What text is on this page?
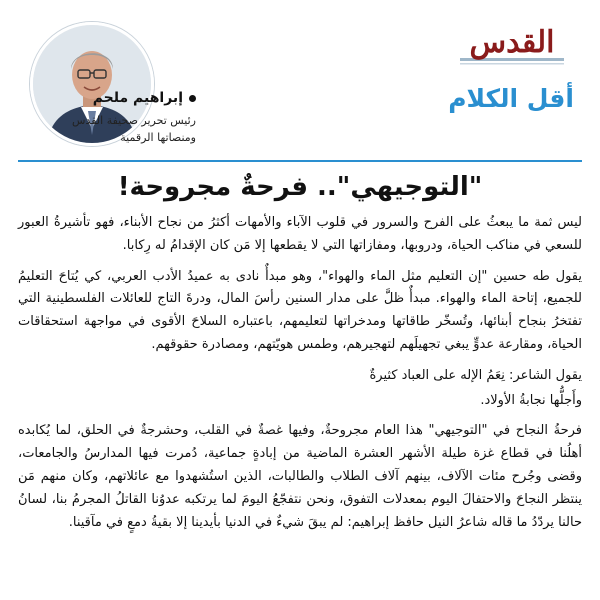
القدس
أقل الكلام
إبراهيم ملحم
رئيس تحرير صحيفة القدس
ومنصاتها الرقمية
"التوجيهي".. فرحةٌ مجروحة!

ليس ثمة ما يبعثُ على الفرح والسرور في قلوب الآباء والأمهات أكثرُ من نجاح الأبناء، فهو تأشيرةُ العبور للسعي في مناكب الحياة، ودروبها، ومفازاتها التي لا يقطعها إلا مَن كان الإقدامُ له رِكابا.

يقول طه حسين "إن التعليم مثل الماء والهواء"، وهو مبدأٌ نادى به عميدُ الأدب العربي، كي يُتاحَ التعليمُ للجميع، إتاحة الماء والهواء. مبدأٌ ظلَّ على مدار السنين رأسَ المال، ودرةَ التاج للعائلات الفلسطينية التي تفتخرُ بنجاح أبنائها، وتُسخّر طاقاتها ومدخراتها لتعليمهم، باعتباره السلاحَ الأقوى في مواجهة استحقاقات الحياة، ومقارعة عدوٍّ يبغي تجهيلَهم لتهجيرهم، وطمس هويّتهم، ومصادرة حقوقهم.

يقول الشاعر: نِعَمُ الإله على العباد كثيرةٌ

وأَجلُّها نجابةُ الأولاد.

فرحةُ النجاح في "التوجيهي" هذا العام مجروحةٌ، وفيها غصةٌ في القلب، وحشرجةٌ في الحلق، لما يُكابده أهلُنا في قطاع غزة طيلة الأشهر العشرة الماضية من إبادةٍ جماعية، دُمرت فيها المدارسُ والجامعات، وقضى وجُرح مئات الآلاف، بينهم آلاف الطلاب والطالبات، الذين استُشهدوا مع عائلاتهم، وكان منهم مَن ينتظر النجاحَ والاحتفالَ اليوم بمعدلات التفوق، ونحن نتفجّعُ اليومَ لما يرتكبه عدوُنا القاتلُ المجرمُ بنا، لسانُ حالنا يردّدُ ما قاله شاعرُ النيل حافظ إبراهيم: لم يبقَ شيءٌ في الدنيا بأيدينا إلا بقيةُ دمعٍ في مآقينا.
